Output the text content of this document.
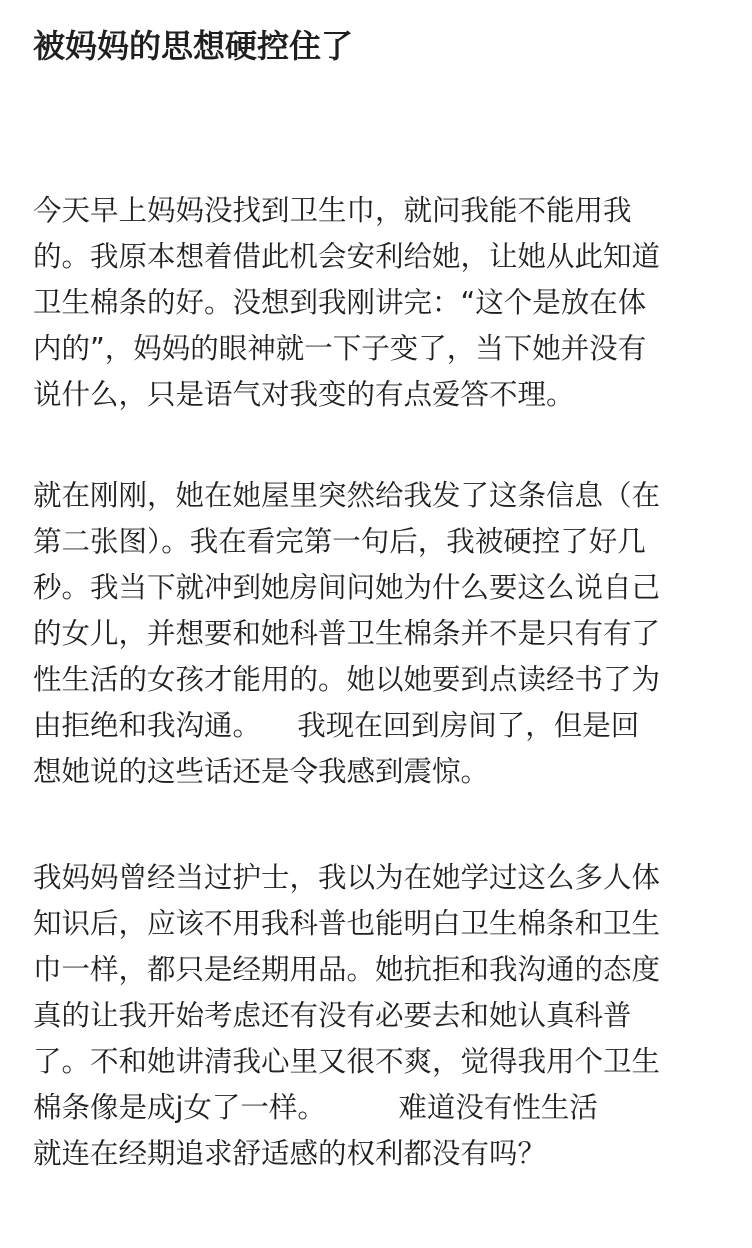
被妈妈的思想硬控住了
今天早上妈妈没找到卫生巾，就问我能不能用我
的。我原本想着借此机会安利给她，让她从此知道
卫生棉条的好。没想到我刚讲完：“这个是放在体
内的”，妈妈的眼神就一下子变了，当下她并没有
说什么，只是语气对我变的有点爱答不理。
就在刚刚，她在她屋里突然给我发了这条信息（在
第二张图）。我在看完第一句后，我被硬控了好几
秒。我当下就冲到她房间问她为什么要这么说自己
的女儿，并想要和她科普卫生棉条并不是只有有了
性生活的女孩才能用的。她以她要到点读经书了为
由拒绝和我沟通。    我现在回到房间了，但是回
想她说的这些话还是令我感到震惊。
我妈妈曾经当过护士，我以为在她学过这么多人体
知识后，应该不用我科普也能明白卫生棉条和卫生
巾一样，都只是经期用品。她抗拒和我沟通的态度
真的让我开始考虑还有没有必要去和她认真科普
了。不和她讲清我心里又很不爽，觉得我用个卫生
棉条像是成j女了一样。        难道没有性生活
就连在经期追求舒适感的权利都没有吗？
